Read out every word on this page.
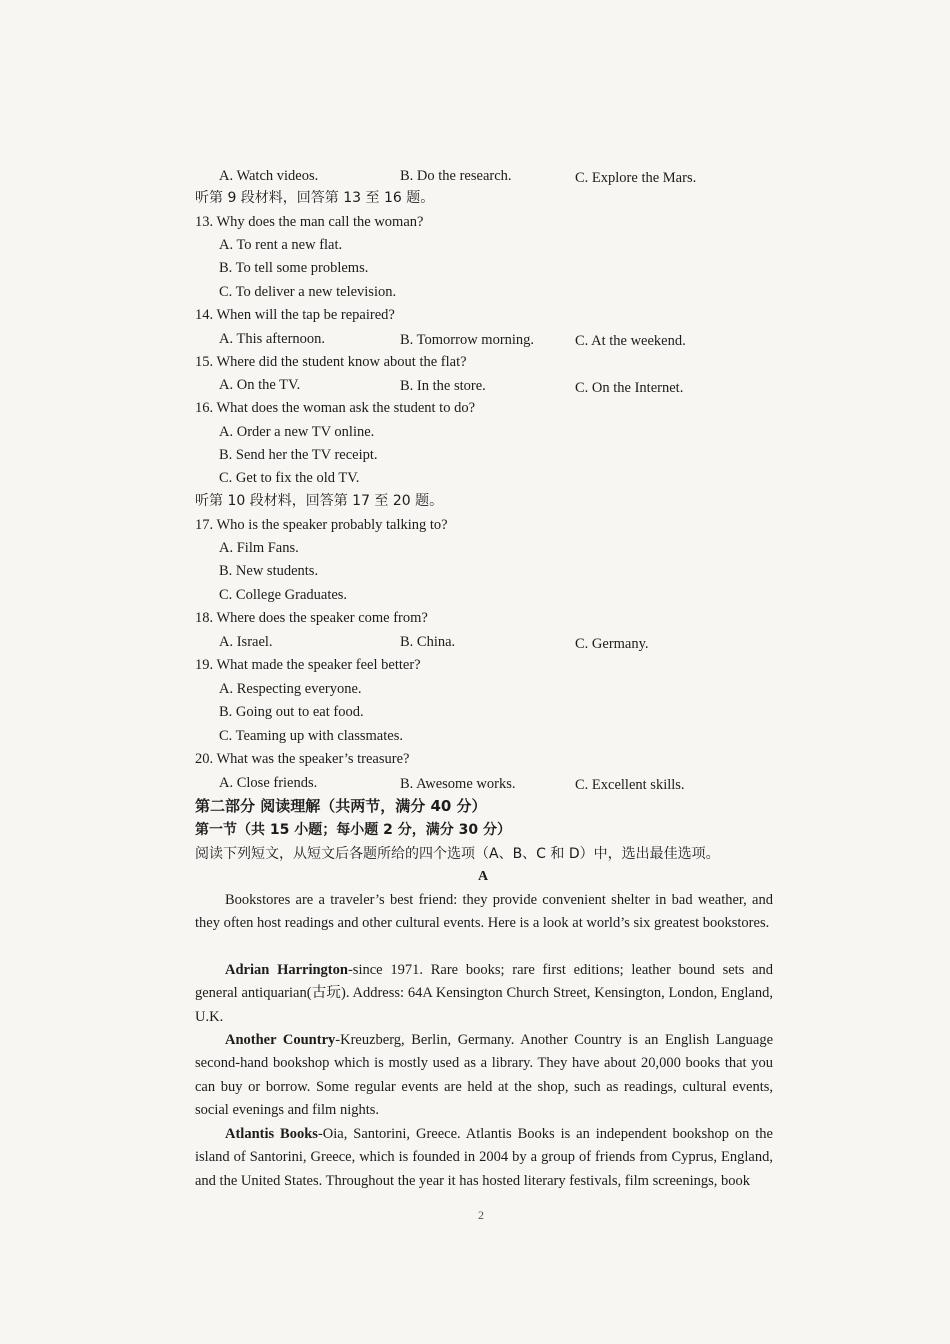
A. Watch videos.	B. Do the research.	C. Explore the Mars.
听第 9 段材料，回答第 13 至 16 题。
13. Why does the man call the woman?
A. To rent a new flat.
B. To tell some problems.
C. To deliver a new television.
14. When will the tap be repaired?
A. This afternoon.	B. Tomorrow morning.	C. At the weekend.
15. Where did the student know about the flat?
A. On the TV.	B. In the store.	C. On the Internet.
16. What does the woman ask the student to do?
A. Order a new TV online.
B. Send her the TV receipt.
C. Get to fix the old TV.
听第 10 段材料，回答第 17 至 20 题。
17. Who is the speaker probably talking to?
A. Film Fans.
B. New students.
C. College Graduates.
18. Where does the speaker come from?
A. Israel.	B. China.	C. Germany.
19. What made the speaker feel better?
A. Respecting everyone.
B. Going out to eat food.
C. Teaming up with classmates.
20. What was the speaker’s treasure?
A. Close friends.	B. Awesome works.	C. Excellent skills.
第二部分 阅读理解（共两节，满分 40 分）
第一节（共 15 小题；每小题 2 分，满分 30 分）
阅读下列短文，从短文后各题所给的四个选项（A、B、C 和 D）中，选出最佳选项。
A
Bookstores are a traveler’s best friend: they provide convenient shelter in bad weather, and they often host readings and other cultural events. Here is a look at world’s six greatest bookstores.
Adrian Harrington-since 1971. Rare books; rare first editions; leather bound sets and general antiquarian(古玩). Address: 64A Kensington Church Street, Kensington, London, England, U.K.
Another Country-Kreuzberg, Berlin, Germany. Another Country is an English Language second-hand bookshop which is mostly used as a library. They have about 20,000 books that you can buy or borrow. Some regular events are held at the shop, such as readings, cultural events, social evenings and film nights.
Atlantis Books-Oia, Santorini, Greece. Atlantis Books is an independent bookshop on the island of Santorini, Greece, which is founded in 2004 by a group of friends from Cyprus, England, and the United States. Throughout the year it has hosted literary festivals, film screenings, book
2
